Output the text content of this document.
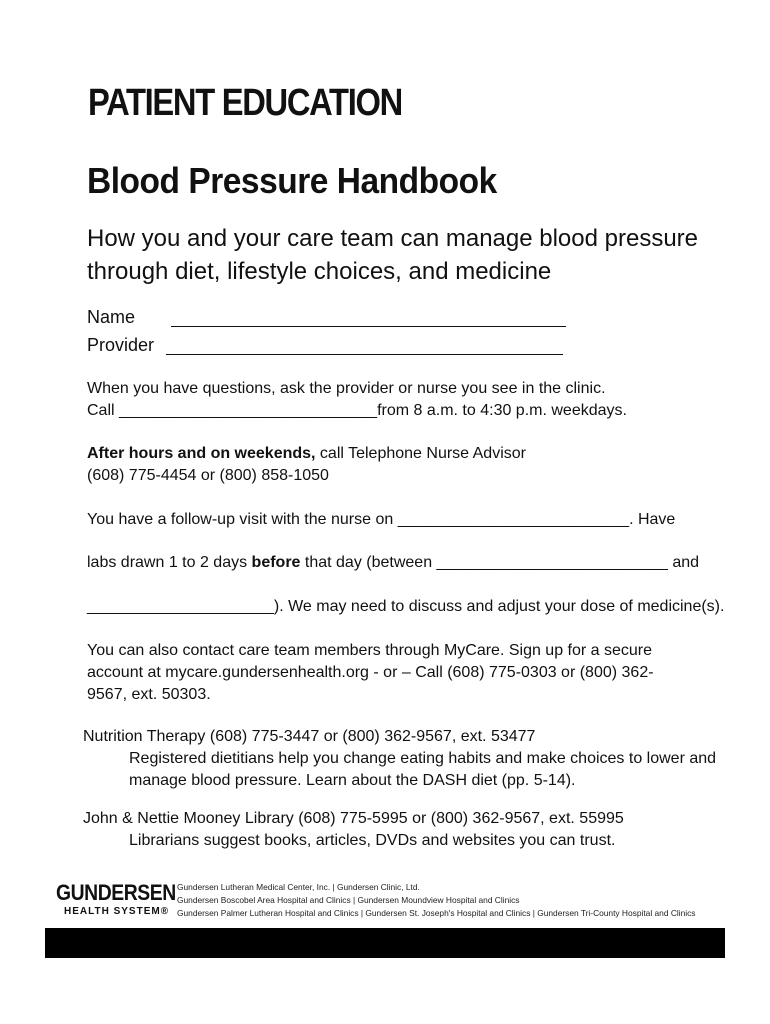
PATIENT EDUCATION
Blood Pressure Handbook
How you and your care team can manage blood pressure through diet, lifestyle choices, and medicine
Name
Provider
When you have questions, ask the provider or nurse you see in the clinic.
Call _____________________________from 8 a.m. to 4:30 p.m. weekdays.
After hours and on weekends, call Telephone Nurse Advisor
(608) 775-4454 or (800) 858-1050
You have a follow-up visit with the nurse on __________________________. Have
labs drawn 1 to 2 days before that day (between __________________________ and
_____________________). We may need to discuss and adjust your dose of medicine(s).
You can also contact care team members through MyCare. Sign up for a secure account at mycare.gundersenhealth.org - or – Call (608) 775-0303 or (800) 362-9567, ext. 50303.
Nutrition Therapy (608) 775-3447 or (800) 362-9567, ext. 53477
Registered dietitians help you change eating habits and make choices to lower and manage blood pressure. Learn about the DASH diet (pp. 5-14).
John & Nettie Mooney Library (608) 775-5995 or (800) 362-9567, ext. 55995
Librarians suggest books, articles, DVDs and websites you can trust.
GUNDERSEN
HEALTH SYSTEM®
Gundersen Lutheran Medical Center, Inc. | Gundersen Clinic, Ltd.
Gundersen Boscobel Area Hospital and Clinics | Gundersen Moundview Hospital and Clinics
Gundersen Palmer Lutheran Hospital and Clinics | Gundersen St. Joseph's Hospital and Clinics | Gundersen Tri-County Hospital and Clinics
